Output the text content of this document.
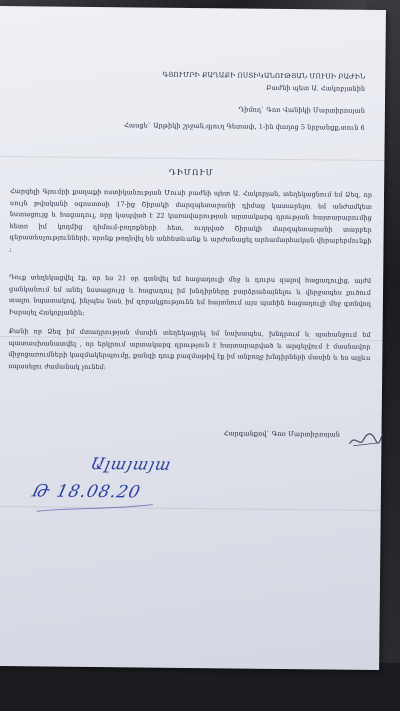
ԳՅՈՒՄՐԻ ՔԱՂԱՔԻ ՈՍՏԻԿԱՆՈՒԹՅԱՆ ՄՈՒՍԻ ԲԱԺԻՆ
Բաժնի պետ Ա. Հակոբյանին
Դիմող` Գոռ Վանիկի Մարտիրոսյան
Հասցե` Արթիկի շրջան,գյուղ Գետափ, 1-ին փողոց 5 նրբանցք,տուն 6
ԴԻՄՈՒՄ
Հարգելի Գյումրի քաղաքի ոստիկանության Մուսի բաժնի պետ Ա. Հակոբյան, տեղեկացնում եմ Ձեզ, որ սույն թվականի օգոստոսի 17-ից Շիրակի մարզպետարանի դիմաց կատարելու եմ անժամկետ նստացույց և հացադուլ, որը կապված է 22 կառավարության արտակարգ դրության հայտարարումից հետո իմ կողմից դիմում-բողոքների հետ, ուղղված Շիրակի մարզպետարանի տարբեր գերատեսչությունների, որոնք թողնվել են անհետևանք և արժանացել արհամարհական վերաբերմունքի ;
Դուք տեղեկացվել էք, որ ես 21 օր գտնվել եմ հացադուլի մեջ և դուրս զալով հացադուլից, այժմ ցանկանում եմ անել նստացույց և հացադուլ իմ խնդիրները բարձրաձայնելու և վերջապես լուծում տալու նպատակով, ինչպես նաև իմ զորակցությունն եմ հայտնում այս պահին հացադուլի մեջ գտնվող Իսրայել Հակոբյանին;
Քանի որ Ձեզ իմ մտադրության մասին տեղեկացրել եմ նախապես, խնդրում և պահանջում եմ պատասխանատվել , որ երկրում արտակարգ դրություն է հայտարարված և արգելվում է մասնավոր միջոցառումների կազմակերպումը, քանզի դուք բազմաթիվ էք իմ անբողջ խնդիրների մասին և ես այլևս սպասելու ժամանակ չունեմ:
Հարգանքով` Գոռ Մարտիրոսյան
Ալայայա
Թ 18.08.20
